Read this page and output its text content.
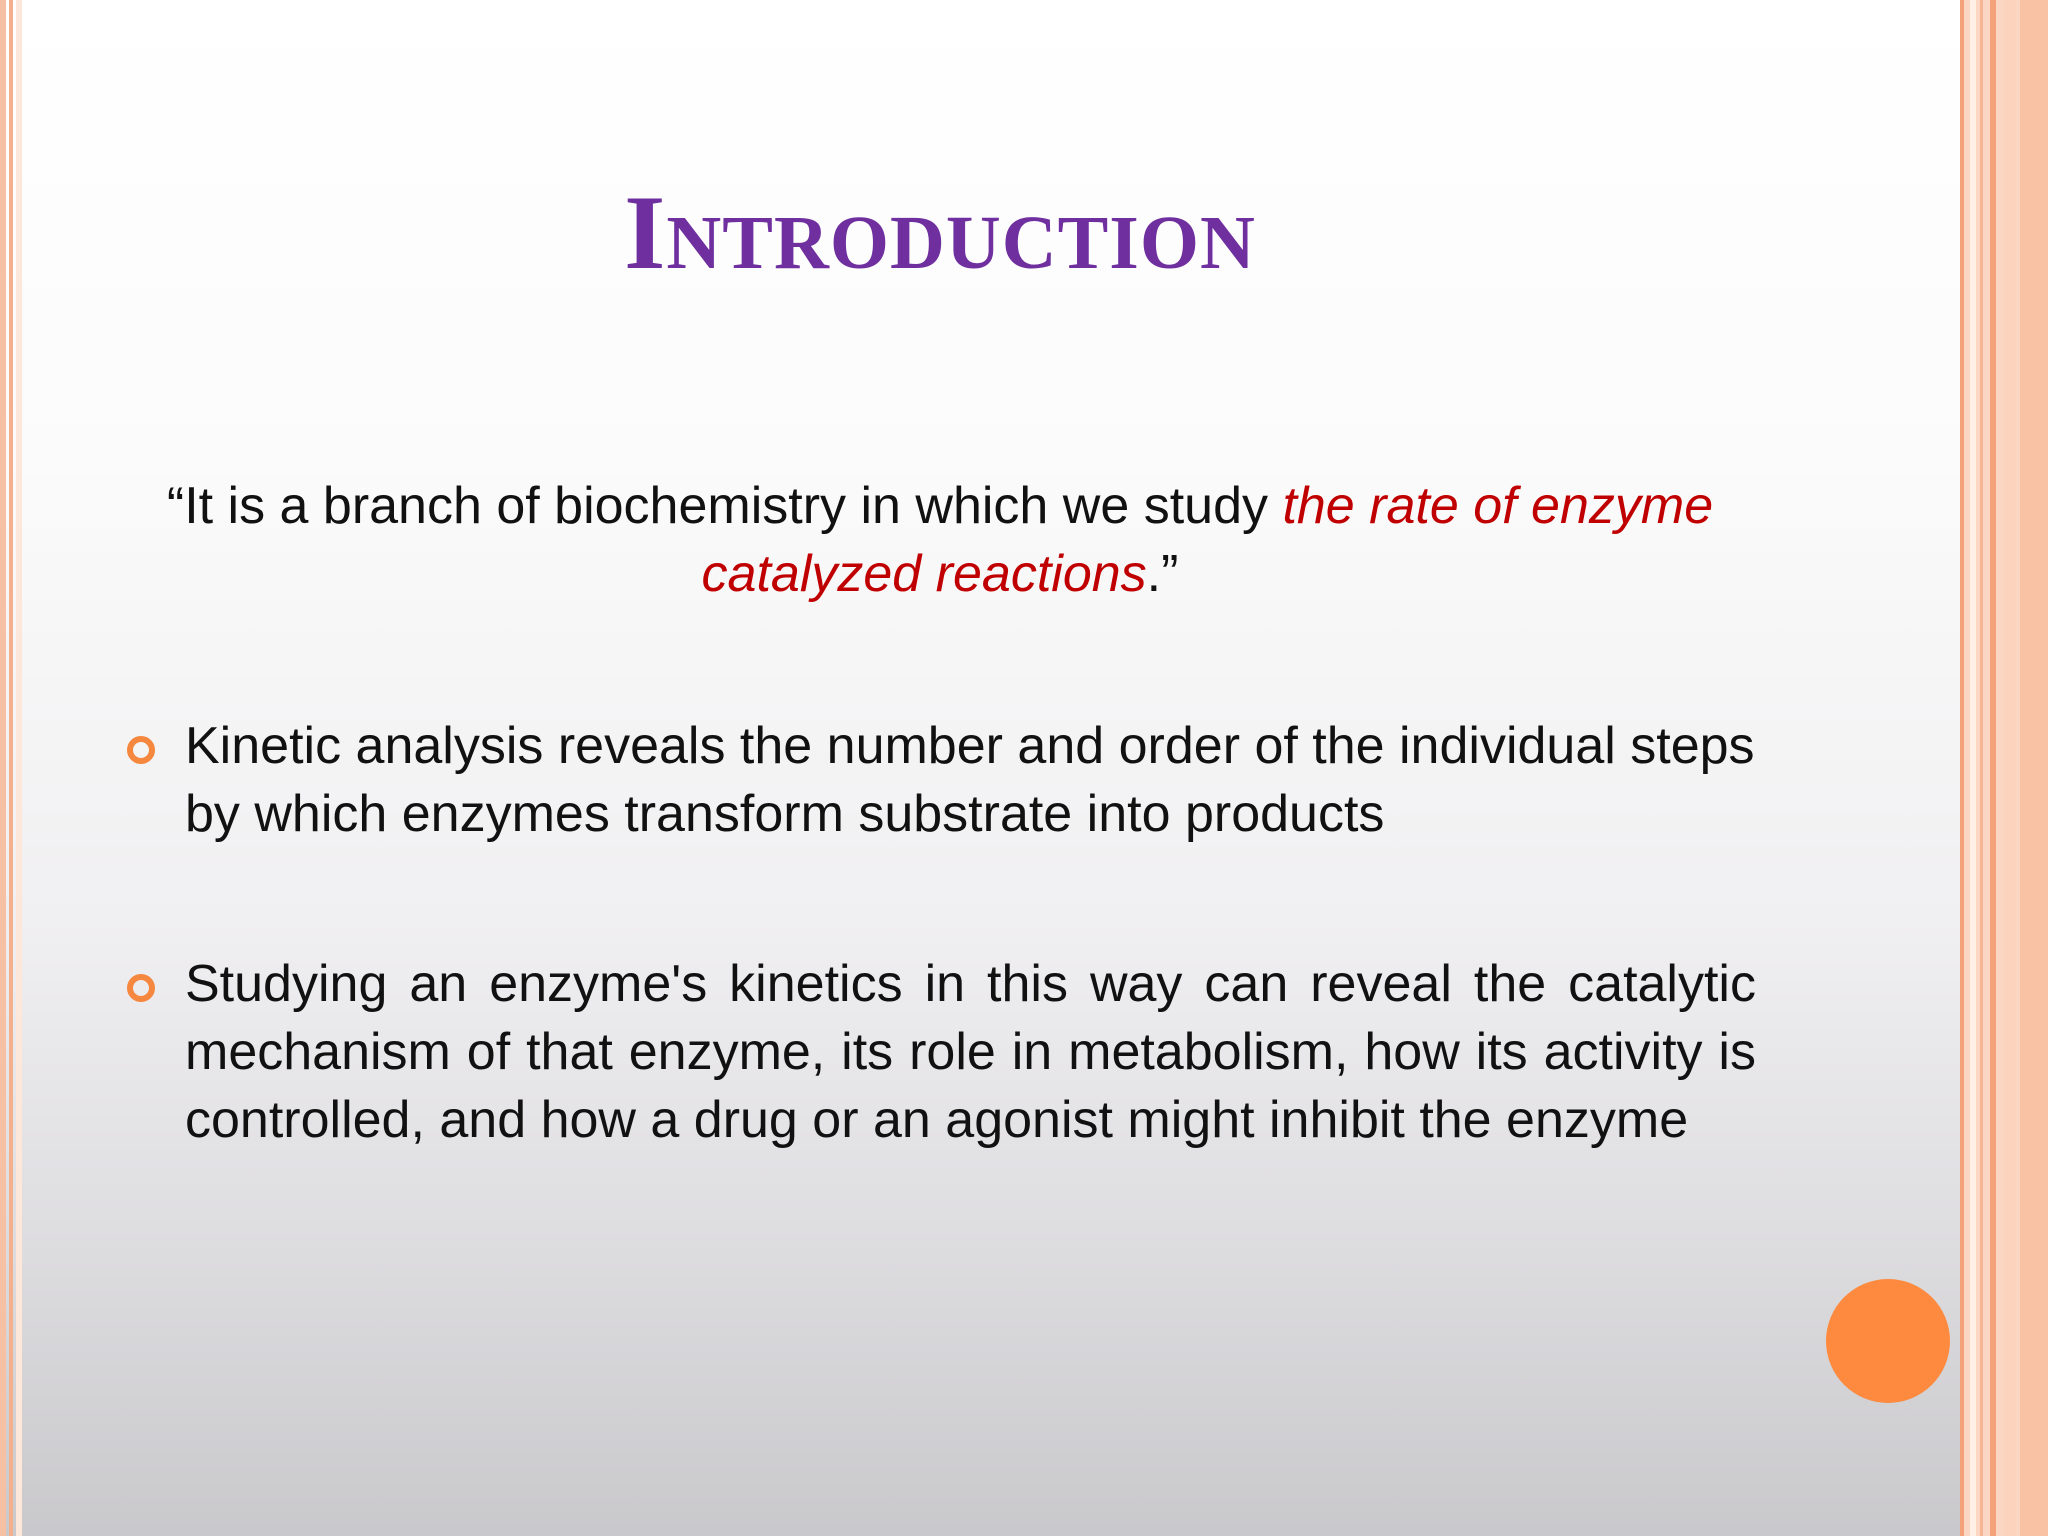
INTRODUCTION
“It is a branch of biochemistry in which we study the rate of enzyme catalyzed reactions.”
Kinetic analysis reveals the number and order of the individual steps by which enzymes transform substrate into products
Studying an enzyme's kinetics in this way can reveal the catalytic mechanism of that enzyme, its role in metabolism, how its activity is controlled, and how a drug or an agonist might inhibit the enzyme
